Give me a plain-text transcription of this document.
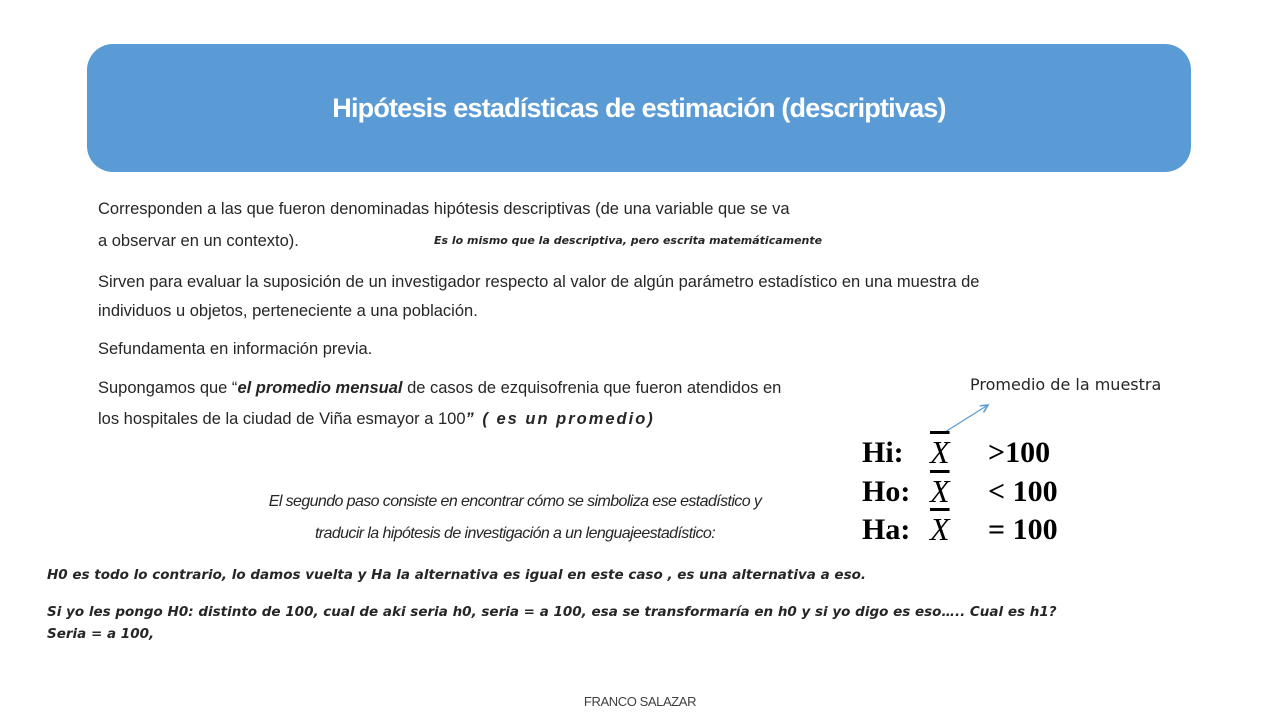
Hipótesis estadísticas de estimación (descriptivas)
Corresponden a las que fueron denominadas hipótesis descriptivas (de una variable que se va
a observar en un contexto).	Es lo mismo que la descriptiva, pero escrita matemáticamente
Sirven para evaluar la suposición de un investigador respecto al valor de algún parámetro estadístico en una muestra de
individuos u objetos, perteneciente a una población.
Sefundamenta en información previa.
Supongamos que “el promedio mensual de casos de ezquisofrenia que fueron atendidos en
los hospitales de la ciudad de Viña esmayor a 100” ( es un promedio)
Promedio de la muestra
Hi: $\overline{X} >100$
Ho: $\overline{X} < 100$
Ha: $\overline{X} = 100$
El segundo paso consiste en encontrar cómo se simboliza ese estadístico y
traducir la hipótesis de investigación a un lenguajeestadístico:
H0 es todo lo contrario, lo damos vuelta y Ha la alternativa es igual en este caso , es una alternativa a eso.
Si yo les pongo H0: distinto de 100, cual de aki seria h0, seria = a 100, esa se transformaría en h0 y si yo digo es eso….. Cual es h1?
Seria = a 100,
FRANCO SALAZAR
